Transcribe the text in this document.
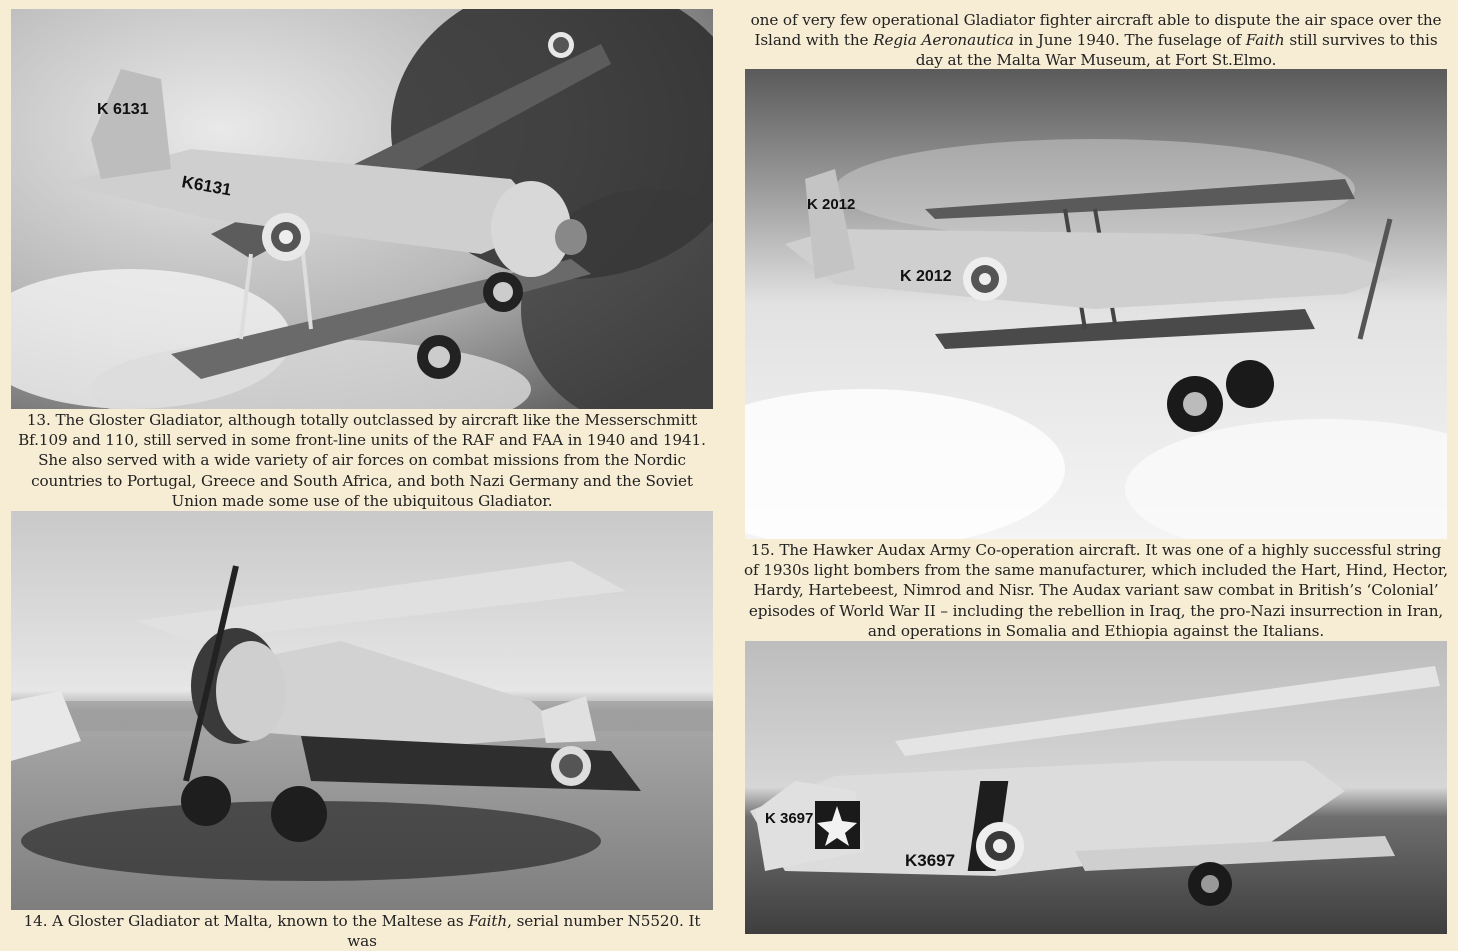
K 6131
K6131

13. The Gloster Gladiator, although totally outclassed by aircraft like the Messerschmitt Bf.109 and 110, still served in some front-line units of the RAF and FAA in 1940 and 1941. She also served with a wide variety of air forces on combat missions from the Nordic countries to Portugal, Greece and South Africa, and both Nazi Germany and the Soviet Union made some use of the ubiquitous Gladiator.

14. A Gloster Gladiator at Malta, known to the Maltese as Faith, serial number N5520. It was

one of very few operational Gladiator fighter aircraft able to dispute the air space over the Island with the Regia Aeronautica in June 1940. The fuselage of Faith still survives to this day at the Malta War Museum, at Fort St.Elmo.

K 2012
K 2012

15. The Hawker Audax Army Co-operation aircraft. It was one of a highly successful string of 1930s light bombers from the same manufacturer, which included the Hart, Hind, Hector, Hardy, Hartebeest, Nimrod and Nisr. The Audax variant saw combat in British’s ‘Colonial’ episodes of World War II – including the rebellion in Iraq, the pro-Nazi insurrection in Iran, and operations in Somalia and Ethiopia against the Italians.

K 3697
K3697
